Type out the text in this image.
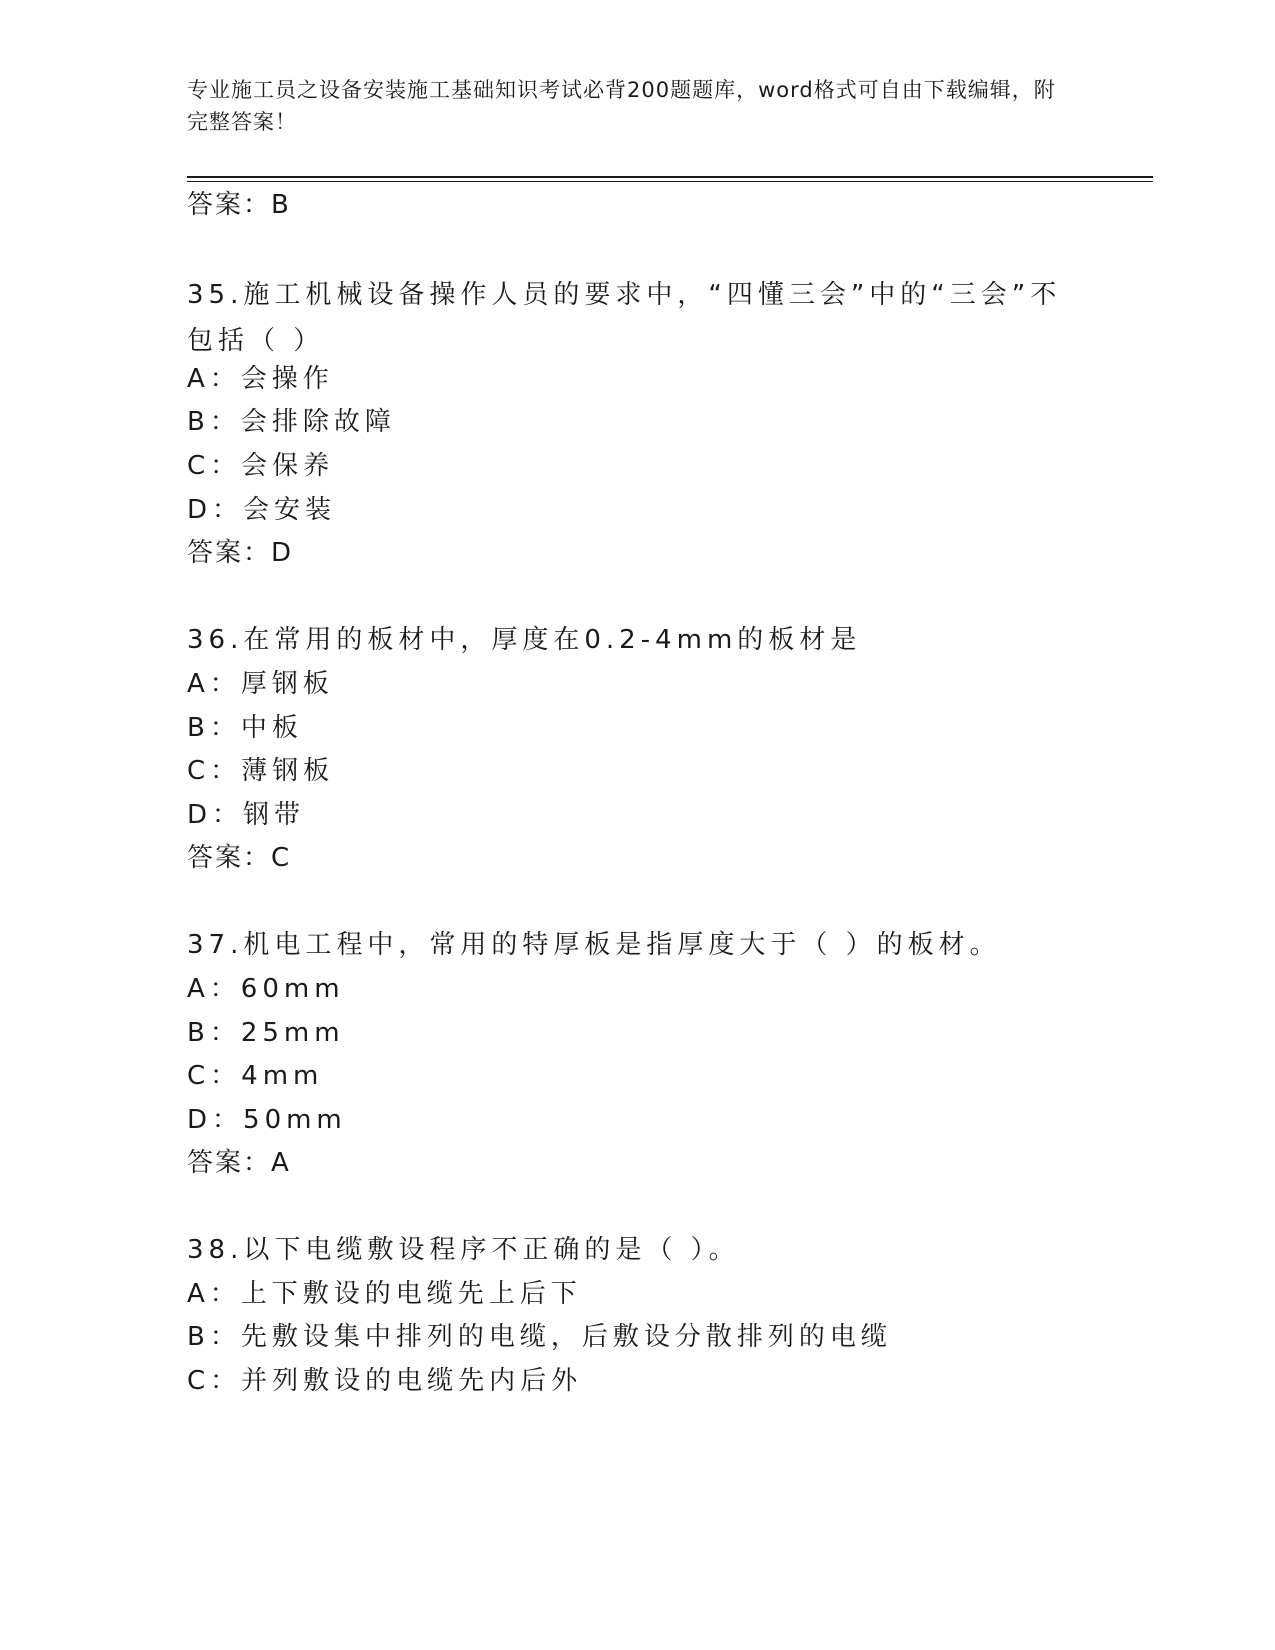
专业施工员之设备安装施工基础知识考试必背200题题库，word格式可自由下载编辑，附完整答案！
答案：B
35.施工机械设备操作人员的要求中，“四懂三会”中的“三会”不包括（ ）
A：会操作
B：会排除故障
C：会保养
D：会安装
答案：D
36.在常用的板材中，厚度在0.2-4mm的板材是
A：厚钢板
B：中板
C：薄钢板
D：钢带
答案：C
37.机电工程中，常用的特厚板是指厚度大于（ ）的板材。
A：60mm
B：25mm
C：4mm
D：50mm
答案：A
38.以下电缆敷设程序不正确的是（ ）。
A：上下敷设的电缆先上后下
B：先敷设集中排列的电缆，后敷设分散排列的电缆
C：并列敷设的电缆先内后外
